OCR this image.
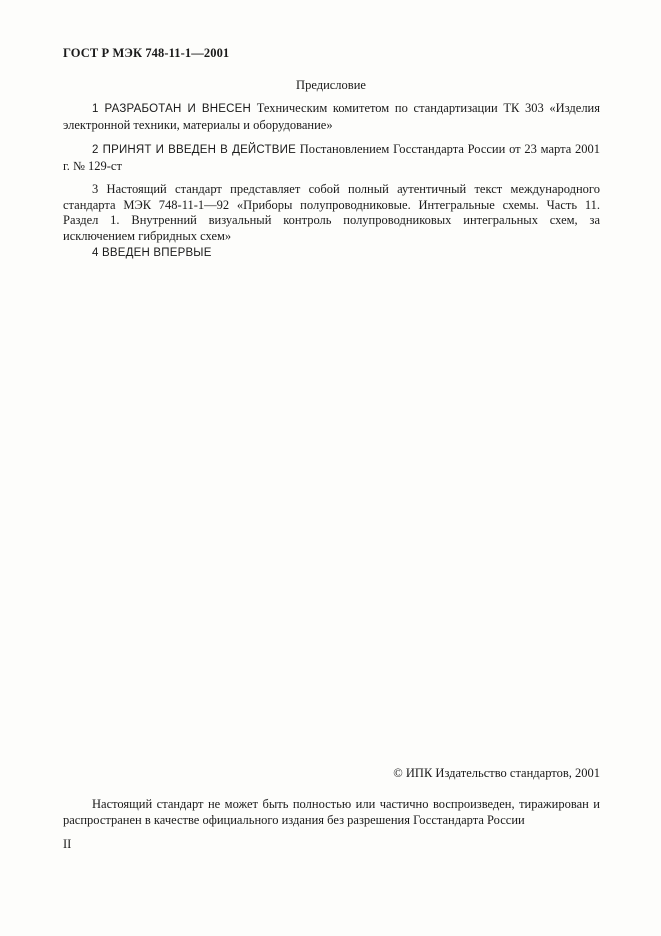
ГОСТ Р МЭК 748-11-1—2001
Предисловие

1 РАЗРАБОТАН И ВНЕСЕН Техническим комитетом по стандартизации ТК 303 «Изделия электронной техники, материалы и оборудование»

2 ПРИНЯТ И ВВЕДЕН В ДЕЙСТВИЕ Постановлением Госстандарта России от 23 марта 2001 г. № 129-ст

3 Настоящий стандарт представляет собой полный аутентичный текст международного стандарта МЭК 748-11-1—92 «Приборы полупроводниковые. Интегральные схемы. Часть 11. Раздел 1. Внутренний визуальный контроль полупроводниковых интегральных схем, за исключением гибридных схем»

4 ВВЕДЕН ВПЕРВЫЕ

© ИПК Издательство стандартов, 2001

Настоящий стандарт не может быть полностью или частично воспроизведен, тиражирован и распространен в качестве официального издания без разрешения Госстандарта России

II
